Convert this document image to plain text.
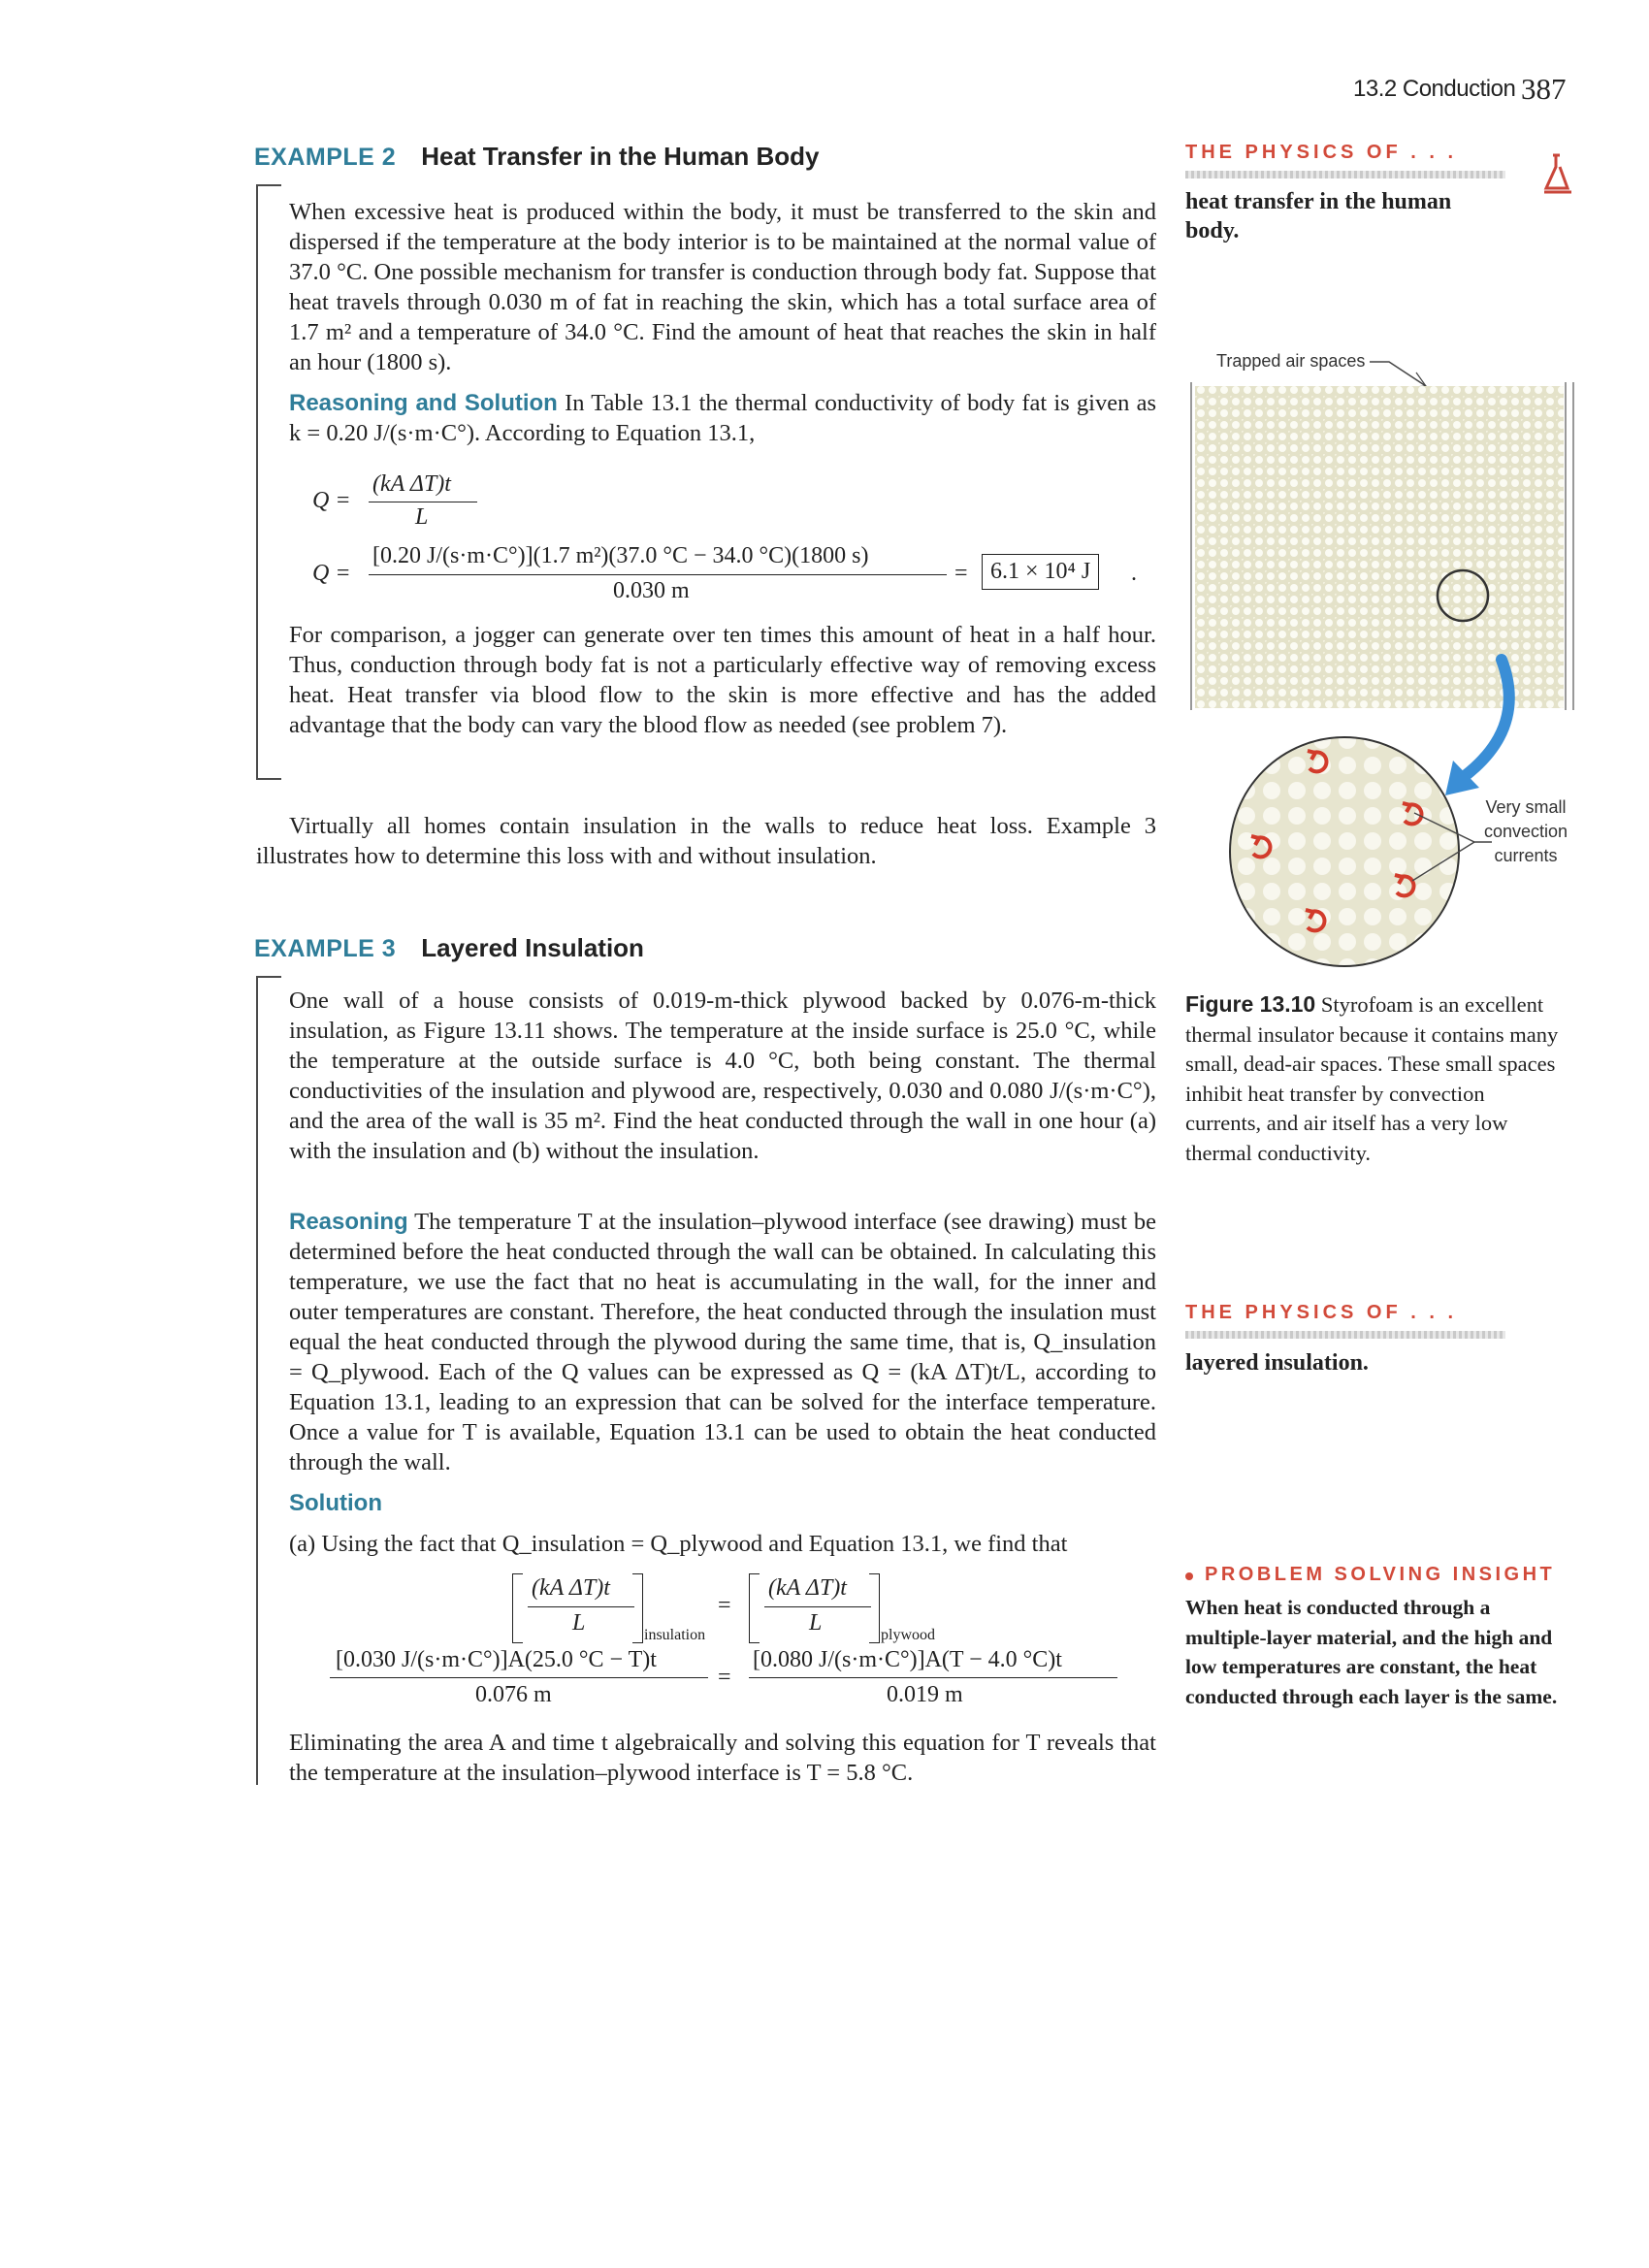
13.2 Conduction 387
EXAMPLE 2 Heat Transfer in the Human Body
When excessive heat is produced within the body, it must be transferred to the skin and dispersed if the temperature at the body interior is to be maintained at the normal value of 37.0 °C. One possible mechanism for transfer is conduction through body fat. Suppose that heat travels through 0.030 m of fat in reaching the skin, which has a total surface area of 1.7 m² and a temperature of 34.0 °C. Find the amount of heat that reaches the skin in half an hour (1800 s).
Reasoning and Solution In Table 13.1 the thermal conductivity of body fat is given as k = 0.20 J/(s·m·C°). According to Equation 13.1,
Q =
(kA ΔT)t
L
Q =
[0.20 J/(s·m·C°)](1.7 m²)(37.0 °C − 34.0 °C)(1800 s)
0.030 m
= 6.1 × 10⁴ J	.
For comparison, a jogger can generate over ten times this amount of heat in a half hour. Thus, conduction through body fat is not a particularly effective way of removing excess heat. Heat transfer via blood flow to the skin is more effective and has the added advantage that the body can vary the blood flow as needed (see problem 7).
Virtually all homes contain insulation in the walls to reduce heat loss. Example 3 illustrates how to determine this loss with and without insulation.
EXAMPLE 3 Layered Insulation
One wall of a house consists of 0.019-m-thick plywood backed by 0.076-m-thick insulation, as Figure 13.11 shows. The temperature at the inside surface is 25.0 °C, while the temperature at the outside surface is 4.0 °C, both being constant. The thermal conductivities of the insulation and plywood are, respectively, 0.030 and 0.080 J/(s·m·C°), and the area of the wall is 35 m². Find the heat conducted through the wall in one hour (a) with the insulation and (b) without the insulation.
Reasoning The temperature T at the insulation–plywood interface (see drawing) must be determined before the heat conducted through the wall can be obtained. In calculating this temperature, we use the fact that no heat is accumulating in the wall, for the inner and outer temperatures are constant. Therefore, the heat conducted through the insulation must equal the heat conducted through the plywood during the same time, that is, Q_insulation = Q_plywood. Each of the Q values can be expressed as Q = (kA ΔT)t/L, according to Equation 13.1, leading to an expression that can be solved for the interface temperature. Once a value for T is available, Equation 13.1 can be used to obtain the heat conducted through the wall.
Solution
(a) Using the fact that Q_insulation = Q_plywood and Equation 13.1, we find that
(kA ΔT)t
L	insulation
=
(kA ΔT)t
L	plywood
[0.030 J/(s·m·C°)]A(25.0 °C − T)t
0.076 m
=
[0.080 J/(s·m·C°)]A(T − 4.0 °C)t
0.019 m
Eliminating the area A and time t algebraically and solving this equation for T reveals that the temperature at the insulation–plywood interface is T = 5.8 °C.
THE PHYSICS OF . . .
heat transfer in the human body.
Trapped air spaces
Very small convection currents
Figure 13.10 Styrofoam is an excellent thermal insulator because it contains many small, dead-air spaces. These small spaces inhibit heat transfer by convection currents, and air itself has a very low thermal conductivity.
THE PHYSICS OF . . .
layered insulation.
PROBLEM SOLVING INSIGHT
When heat is conducted through a multiple-layer material, and the high and low temperatures are constant, the heat conducted through each layer is the same.
